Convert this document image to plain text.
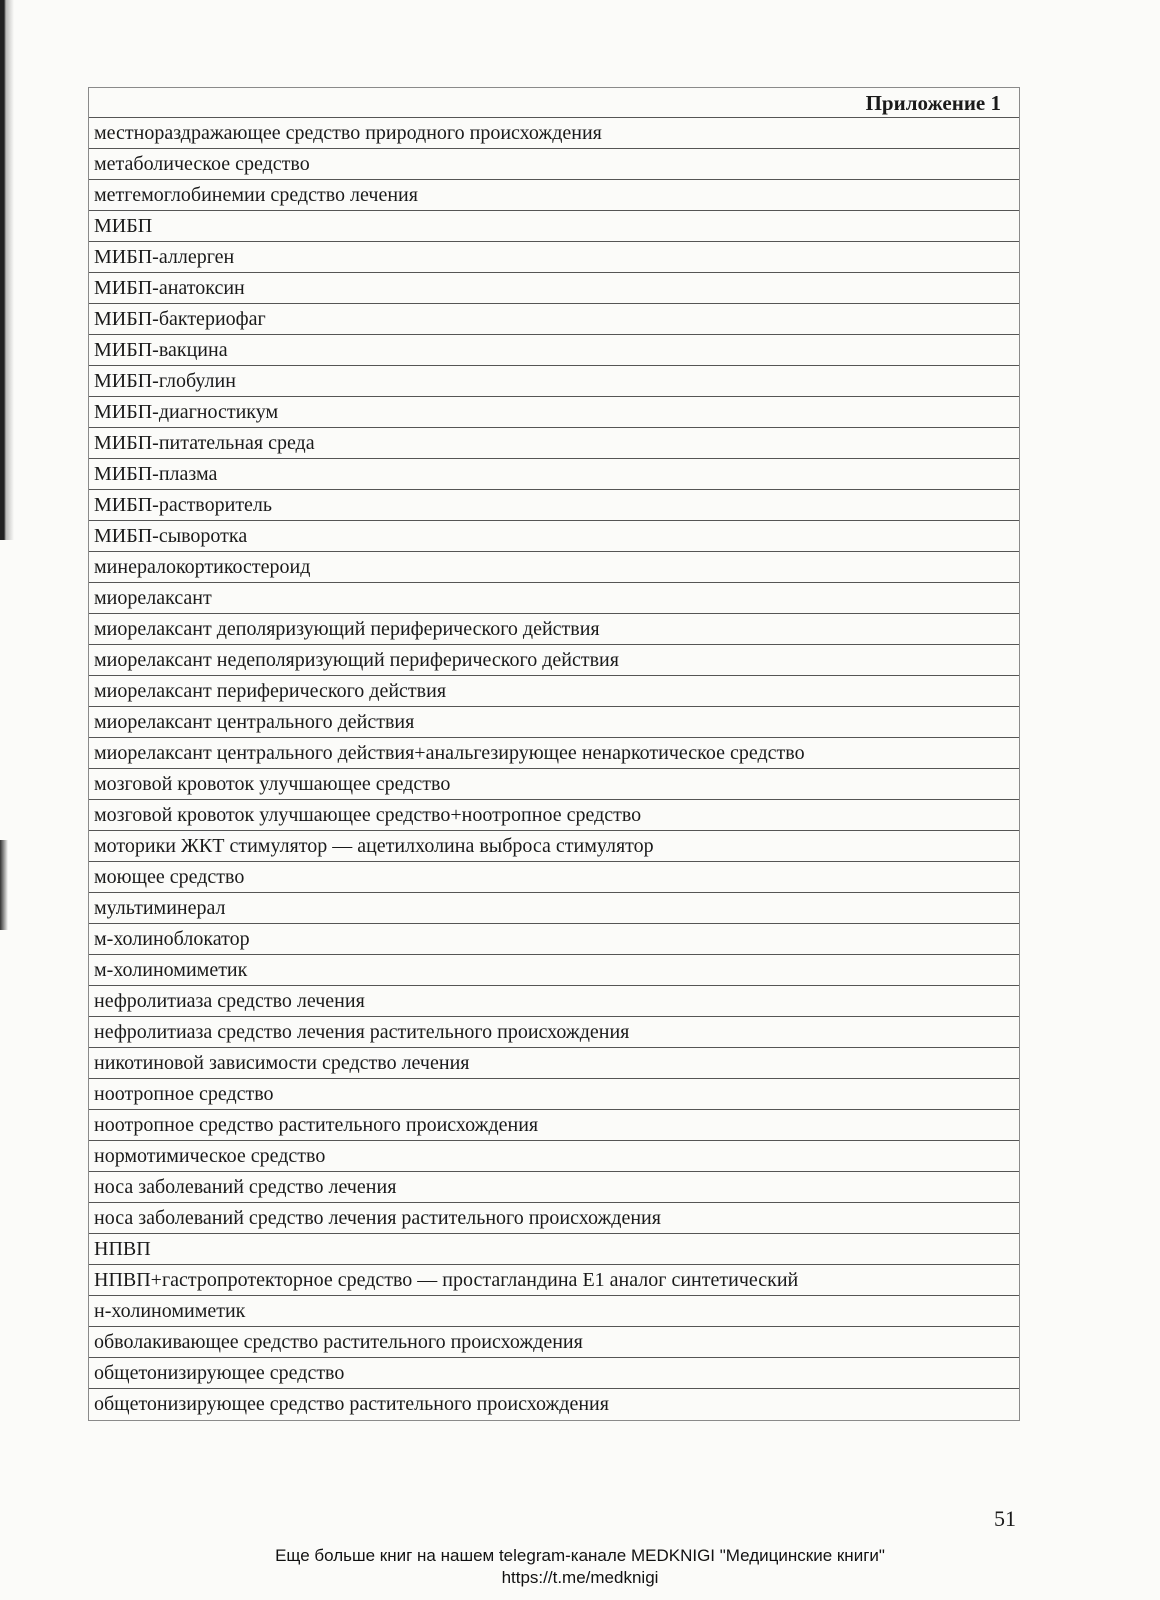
Приложение 1
местнораздражающее средство природного происхождения
метаболическое средство
метгемоглобинемии средство лечения
МИБП
МИБП-аллерген
МИБП-анатоксин
МИБП-бактериофаг
МИБП-вакцина
МИБП-глобулин
МИБП-диагностикум
МИБП-питательная среда
МИБП-плазма
МИБП-растворитель
МИБП-сыворотка
минералокортикостероид
миорелаксант
миорелаксант деполяризующий периферического действия
миорелаксант недеполяризующий периферического действия
миорелаксант периферического действия
миорелаксант центрального действия
миорелаксант центрального действия+анальгезирующее ненаркотическое средство
мозговой кровоток улучшающее средство
мозговой кровоток улучшающее средство+ноотропное средство
моторики ЖКТ стимулятор — ацетилхолина выброса стимулятор
моющее средство
мультиминерал
м-холиноблокатор
м-холиномиметик
нефролитиаза средство лечения
нефролитиаза средство лечения растительного происхождения
никотиновой зависимости средство лечения
ноотропное средство
ноотропное средство растительного происхождения
нормотимическое средство
носа заболеваний средство лечения
носа заболеваний средство лечения растительного происхождения
НПВП
НПВП+гастропротекторное средство — простагландина Е1 аналог синтетический
н-холиномиметик
обволакивающее средство растительного происхождения
общетонизирующее средство
общетонизирующее средство растительного происхождения
51
Еще больше книг на нашем telegram-канале MEDKNIGI "Медицинские книги"
https://t.me/medknigi
